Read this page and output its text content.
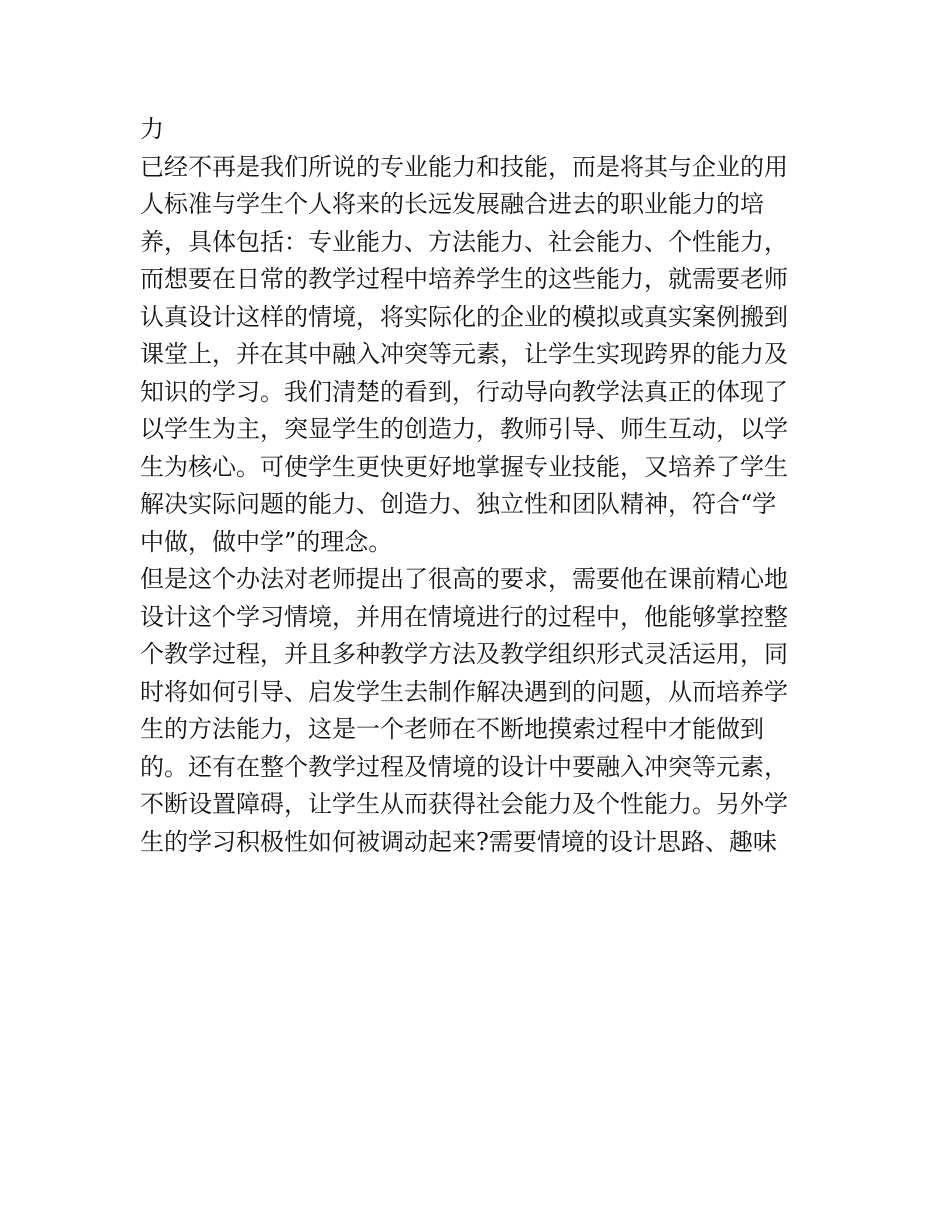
力
已经不再是我们所说的专业能力和技能，而是将其与企业的用
人标准与学生个人将来的长远发展融合进去的职业能力的培
养，具体包括：专业能力、方法能力、社会能力、个性能力，
而想要在日常的教学过程中培养学生的这些能力，就需要老师
认真设计这样的情境，将实际化的企业的模拟或真实案例搬到
课堂上，并在其中融入冲突等元素，让学生实现跨界的能力及
知识的学习。我们清楚的看到，行动导向教学法真正的体现了
以学生为主，突显学生的创造力，教师引导、师生互动，以学
生为核心。可使学生更快更好地掌握专业技能，又培养了学生
解决实际问题的能力、创造力、独立性和团队精神，符合“学
中做，做中学”的理念。
但是这个办法对老师提出了很高的要求，需要他在课前精心地
设计这个学习情境，并用在情境进行的过程中，他能够掌控整
个教学过程，并且多种教学方法及教学组织形式灵活运用，同
时将如何引导、启发学生去制作解决遇到的问题，从而培养学
生的方法能力，这是一个老师在不断地摸索过程中才能做到
的。还有在整个教学过程及情境的设计中要融入冲突等元素，
不断设置障碍，让学生从而获得社会能力及个性能力。另外学
生的学习积极性如何被调动起来?需要情境的设计思路、趣味
